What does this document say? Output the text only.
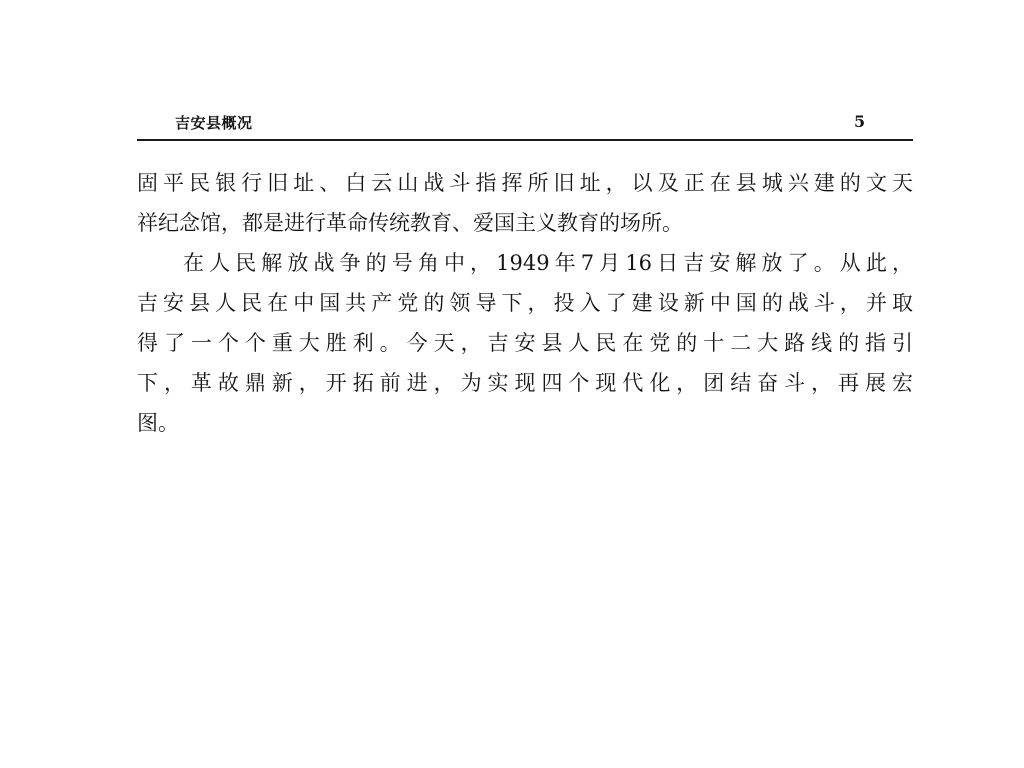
吉安县概况	5
固平民银行旧址、白云山战斗指挥所旧址，以及正在县城兴建的文天
祥纪念馆，都是进行革命传统教育、爱国主义教育的场所。
在人民解放战争的号角中，1949年7月16日吉安解放了。从此，
吉安县人民在中国共产党的领导下，投入了建设新中国的战斗，并取
得了一个个重大胜利。今天，吉安县人民在党的十二大路线的指引
下，革故鼎新，开拓前进，为实现四个现代化，团结奋斗，再展宏
图。
